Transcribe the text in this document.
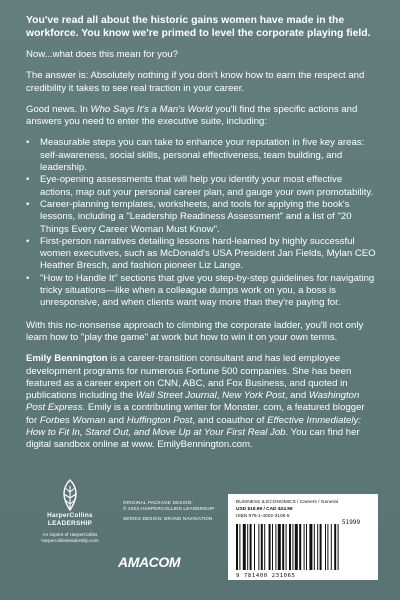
You've read all about the historic gains women have made in the workforce. You know we're primed to level the corporate playing field.

Now...what does this mean for you?

The answer is: Absolutely nothing if you don't know how to earn the respect and credibility it takes to see real traction in your career.

Good news. In Who Says It's a Man's World you'll find the specific actions and answers you need to enter the executive suite, including:

• Measurable steps you can take to enhance your reputation in five key areas: self-awareness, social skills, personal effectiveness, team building, and leadership.
• Eye-opening assessments that will help you identify your most effective actions, map out your personal career plan, and gauge your own promotability.
• Career-planning templates, worksheets, and tools for applying the book's lessons, including a "Leadership Readiness Assessment" and a list of "20 Things Every Career Woman Must Know".
• First-person narratives detailing lessons hard-learned by highly successful women executives, such as McDonald's USA President Jan Fields, Mylan CEO Heather Bresch, and fashion pioneer Liz Lange.
• "How to Handle It" sections that give you step-by-step guidelines for navigating tricky situations—like when a colleague dumps work on you, a boss is unresponsive, and when clients want way more than they're paying for.

With this no-nonsense approach to climbing the corporate ladder, you'll not only learn how to "play the game" at work but how to win it on your own terms.

Emily Bennington is a career-transition consultant and has led employee development programs for numerous Fortune 500 companies. She has been featured as a career expert on CNN, ABC, and Fox Business, and quoted in publications including the Wall Street Journal, New York Post, and Washington Post Express. Emily is a contributing writer for Monster. com, a featured blogger for Forbes Woman and Huffington Post, and coauthor of Effective Immediately: How to Fit In, Stand Out, and Move Up at Your First Real Job. You can find her digital sandbox online at www. EmilyBennington.com.

HarperCollins
LEADERSHIP
An imprint of HarperCollins
harpercollinsleadership.com
ORIGINAL PACKAGE DESIGN:
© 2023 HARPERCOLLINS LEADERSHIP
SERIES DESIGN: BRAND NAVIGATION
AMACOM
BUSINESS & ECONOMICS / Careers / General
USD $19.99 / CAD $24.99
ISBN 978-1-4002-3106-5
51999
9 781400 231065
